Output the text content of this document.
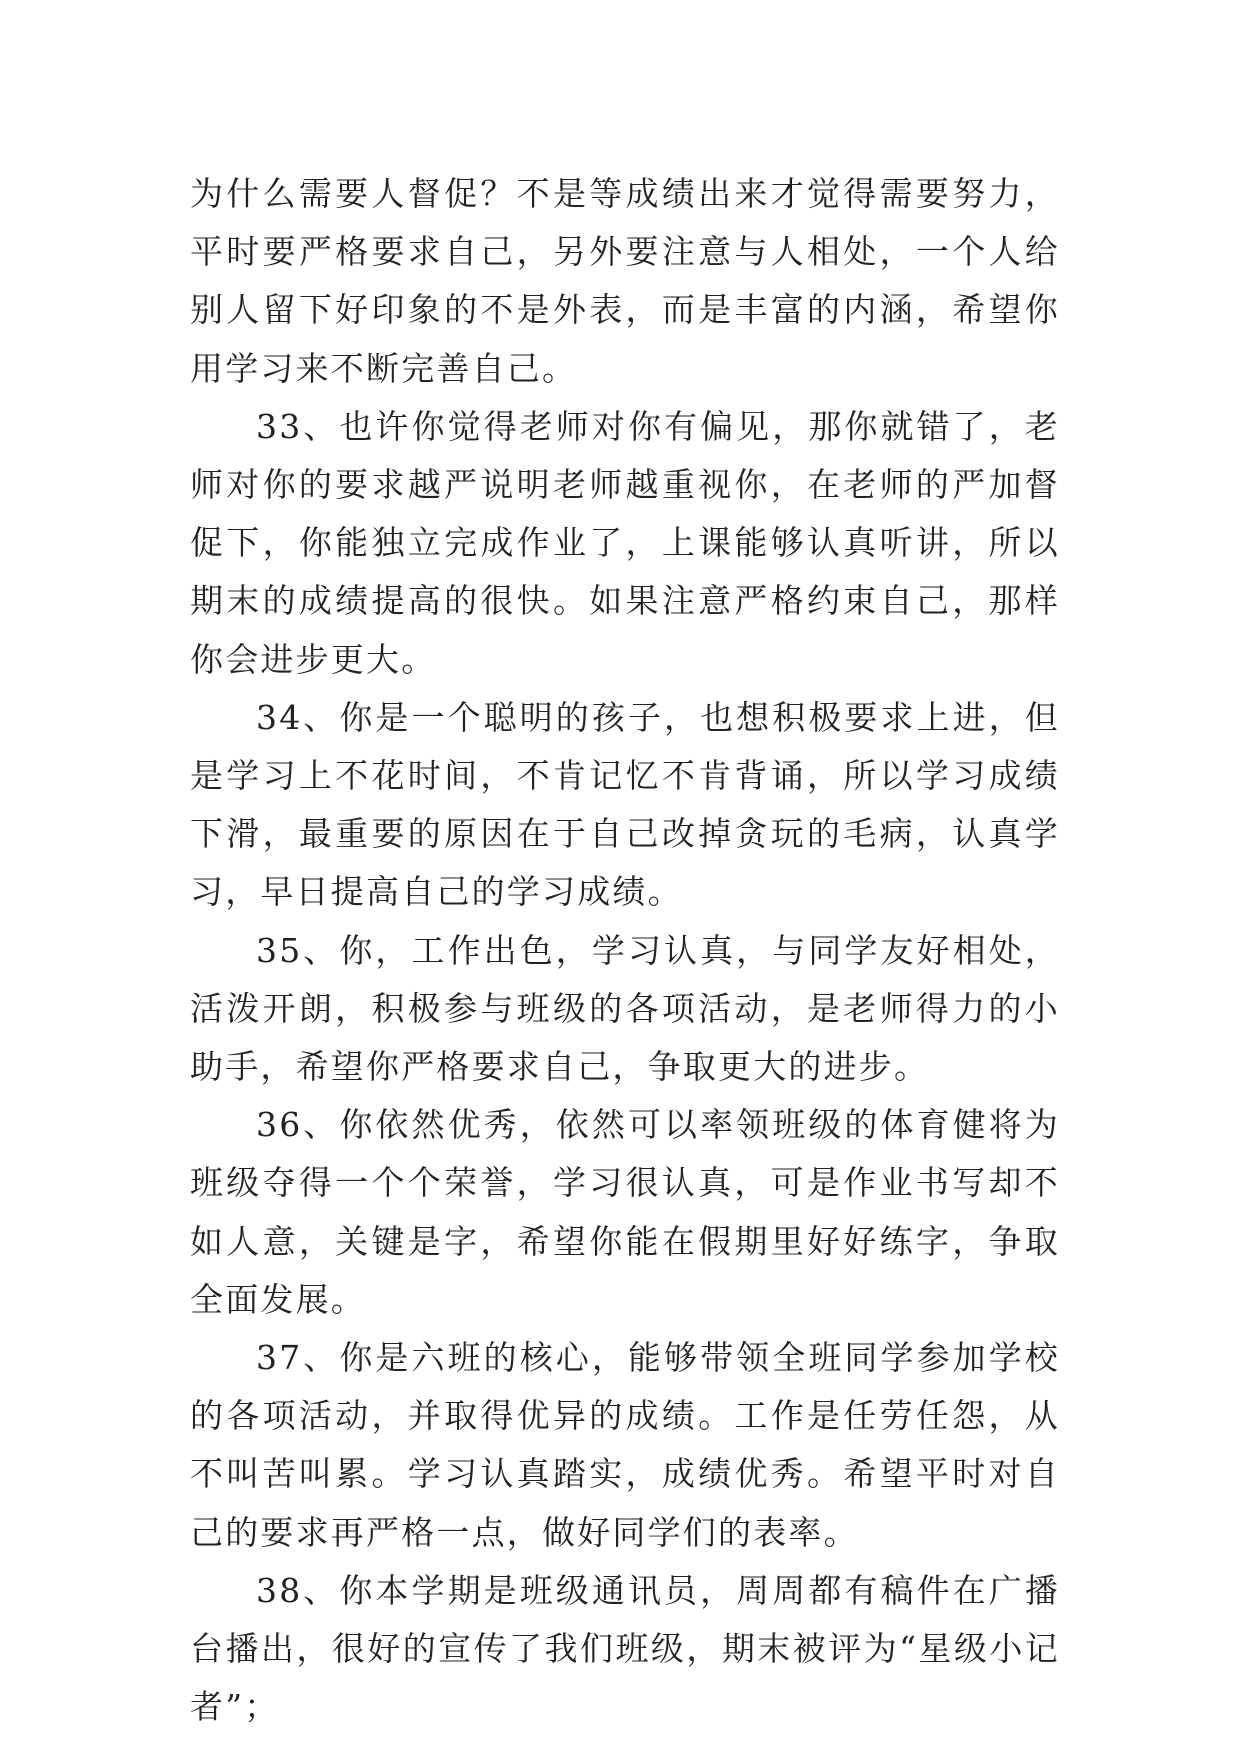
为什么需要人督促？不是等成绩出来才觉得需要努力，平时要严格要求自己，另外要注意与人相处，一个人给别人留下好印象的不是外表，而是丰富的内涵，希望你用学习来不断完善自己。

33、也许你觉得老师对你有偏见，那你就错了，老师对你的要求越严说明老师越重视你，在老师的严加督促下，你能独立完成作业了，上课能够认真听讲，所以期末的成绩提高的很快。如果注意严格约束自己，那样你会进步更大。

34、你是一个聪明的孩子，也想积极要求上进，但是学习上不花时间，不肯记忆不肯背诵，所以学习成绩下滑，最重要的原因在于自己改掉贪玩的毛病，认真学习，早日提高自己的学习成绩。

35、你，工作出色，学习认真，与同学友好相处，活泼开朗，积极参与班级的各项活动，是老师得力的小助手，希望你严格要求自己，争取更大的进步。

36、你依然优秀，依然可以率领班级的体育健将为班级夺得一个个荣誉，学习很认真，可是作业书写却不如人意，关键是字，希望你能在假期里好好练字，争取全面发展。

37、你是六班的核心，能够带领全班同学参加学校的各项活动，并取得优异的成绩。工作是任劳任怨，从不叫苦叫累。学习认真踏实，成绩优秀。希望平时对自己的要求再严格一点，做好同学们的表率。

38、你本学期是班级通讯员，周周都有稿件在广播台播出，很好的宣传了我们班级，期末被评为“星级小记者”；
